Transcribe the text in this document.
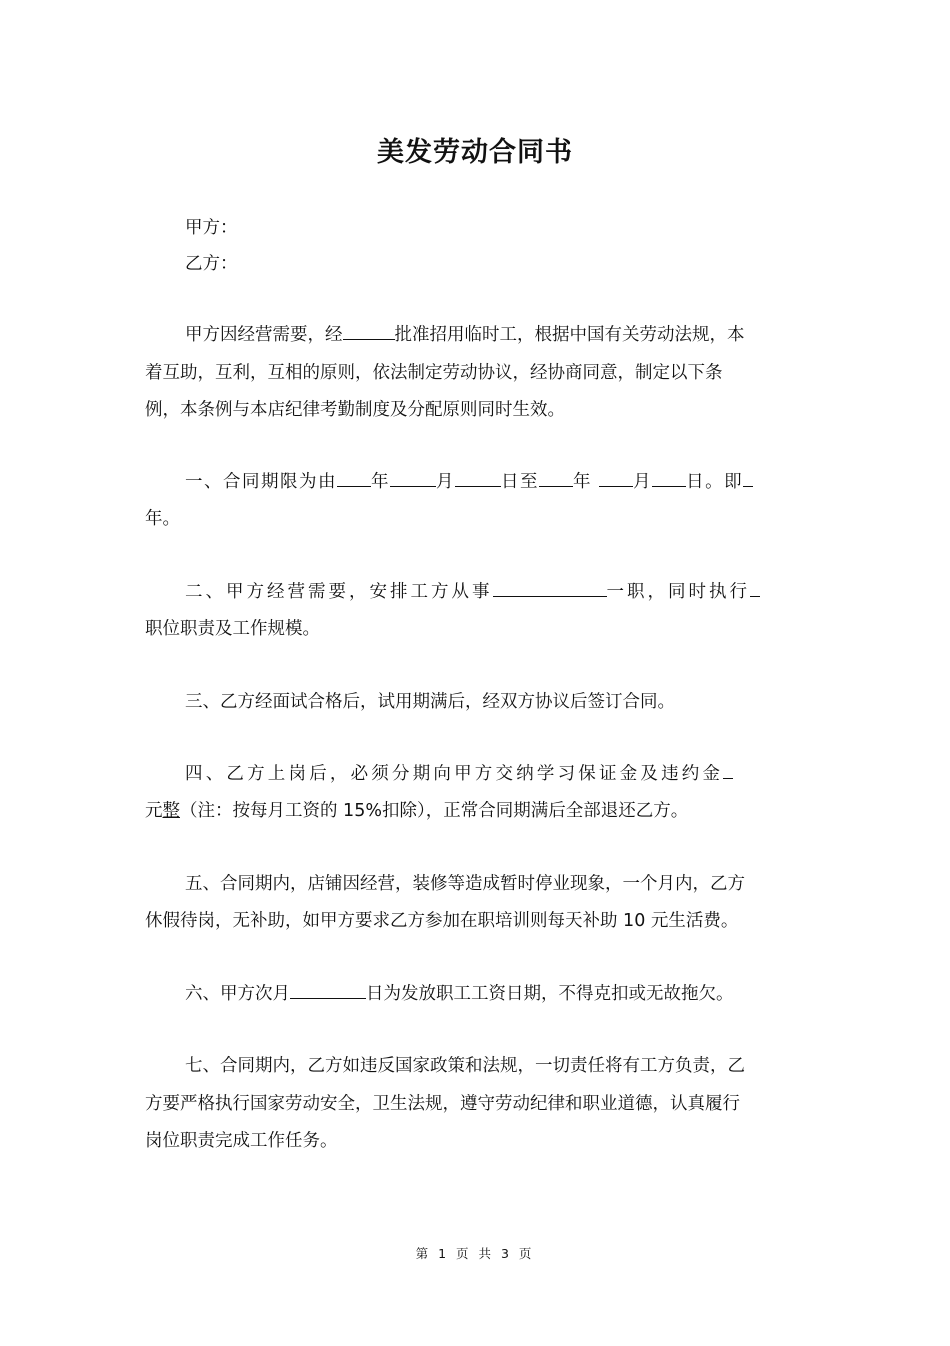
美发劳动合同书

甲方：

乙方：

甲方因经营需要，经	批准招用临时工，根据中国有关劳动法规，本

着互助，互利，互相的原则，依法制定劳动协议，经协商同意，制定以下条

例，本条例与本店纪律考勤制度及分配原则同时生效。

一、合同期限为由 年	月	日至 年 月 日。即

年。

二、甲方经营需要，安排工方从事	一职，同时执行

职位职责及工作规模。

三、乙方经面试合格后，试用期满后，经双方协议后签订合同。

四、乙方上岗后，必须分期向甲方交纳学习保证金及违约金

元整（注：按每月工资的 15%扣除），正常合同期满后全部退还乙方。

五、合同期内，店铺因经营，装修等造成暂时停业现象，一个月内，乙方

休假待岗，无补助，如甲方要求乙方参加在职培训则每天补助 10 元生活费。

六、甲方次月	日为发放职工工资日期，不得克扣或无故拖欠。

七、合同期内，乙方如违反国家政策和法规，一切责任将有工方负责，乙

方要严格执行国家劳动安全，卫生法规，遵守劳动纪律和职业道德，认真履行

岗位职责完成工作任务。

第 1 页 共 3 页
